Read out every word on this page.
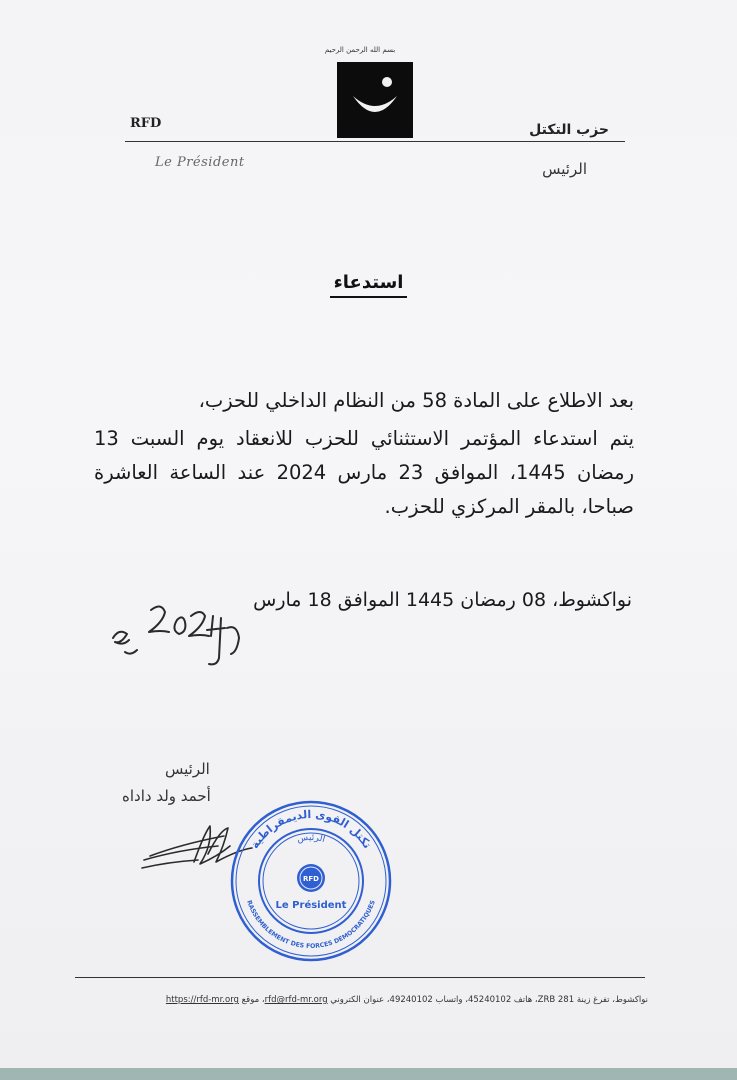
بسم الله الرحمن الرحيم
RFD	حزب التكتل
Le Président	الرئيس
استدعاء

بعد الاطلاع على المادة 58 من النظام الداخلي للحزب،

يتم استدعاء المؤتمر الاستثنائي للحزب للانعقاد يوم السبت 13 رمضان 1445، الموافق 23 مارس 2024 عند الساعة العاشرة صباحا، بالمقر المركزي للحزب.

نواكشوط، 08 رمضان 1445 الموافق 18 مارس
الرئيس
أحمد ولد داداه
تكتل القوى الديمقراطية
RASSEMBLEMENT DES FORCES DEMOCRATIQUES
الرئيس
RFD
Le Président
نواكشوط، تفرغ زينة ZRB 281، هاتف 45240102، واتساب 49240102، عنوان الكتروني rfd@rfd-mr.org، موقع https://rfd-mr.org
